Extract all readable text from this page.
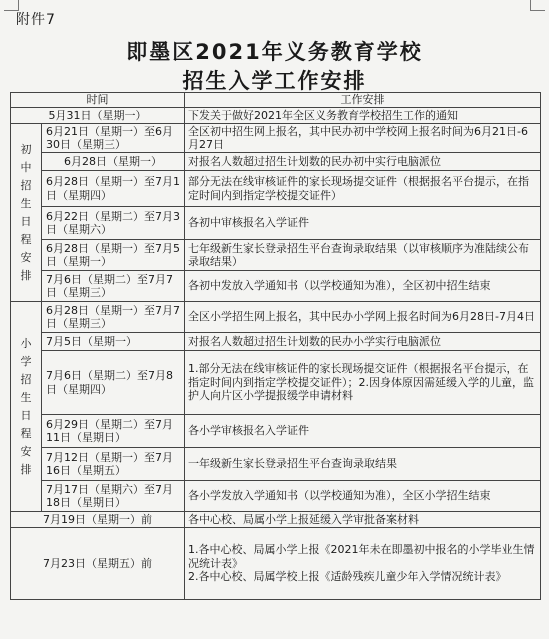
附件7
即墨区2021年义务教育学校
招生入学工作安排
时间		工作安排
5月31日（星期一）		下发关于做好2021年全区义务教育学校招生工作的通知

初中招生日程安排	6月21日（星期一）至6月30日（星期三）	全区初中招生网上报名，其中民办初中学校网上报名时间为6月21日-6月27日
	6月28日（星期一）	对报名人数超过招生计划数的民办初中实行电脑派位
	6月28日（星期一）至7月1日（星期四）	部分无法在线审核证件的家长现场提交证件（根据报名平台提示，在指定时间内到指定学校提交证件）
	6月22日（星期二）至7月3日（星期六）	各初中审核报名入学证件
	6月28日（星期一）至7月5日（星期一）	七年级新生家长登录招生平台查询录取结果（以审核顺序为准陆续公布录取结果）
	7月6日（星期二）至7月7日（星期三）	各初中发放入学通知书（以学校通知为准），全区初中招生结束

小学招生日程安排	6月28日（星期一）至7月7日（星期三）	全区小学招生网上报名，其中民办小学网上报名时间为6月28日-7月4日
	7月5日（星期一）	对报名人数超过招生计划数的民办小学实行电脑派位
	7月6日（星期二）至7月8日（星期四）	1.部分无法在线审核证件的家长现场提交证件（根据报名平台提示，在指定时间内到指定学校提交证件）；2.因身体原因需延缓入学的儿童，监护人向片区小学提报缓学申请材料
	6月29日（星期二）至7月11日（星期日）	各小学审核报名入学证件
	7月12日（星期一）至7月16日（星期五）	一年级新生家长登录招生平台查询录取结果
	7月17日（星期六）至7月18日（星期日）	各小学发放入学通知书（以学校通知为准），全区小学招生结束
7月19日（星期一）前		各中心校、局属小学上报延缓入学审批备案材料
7月23日（星期五）前		1.各中心校、局属小学上报《2021年未在即墨初中报名的小学毕业生情况统计表》
2.各中心校、局属学校上报《适龄残疾儿童少年入学情况统计表》
